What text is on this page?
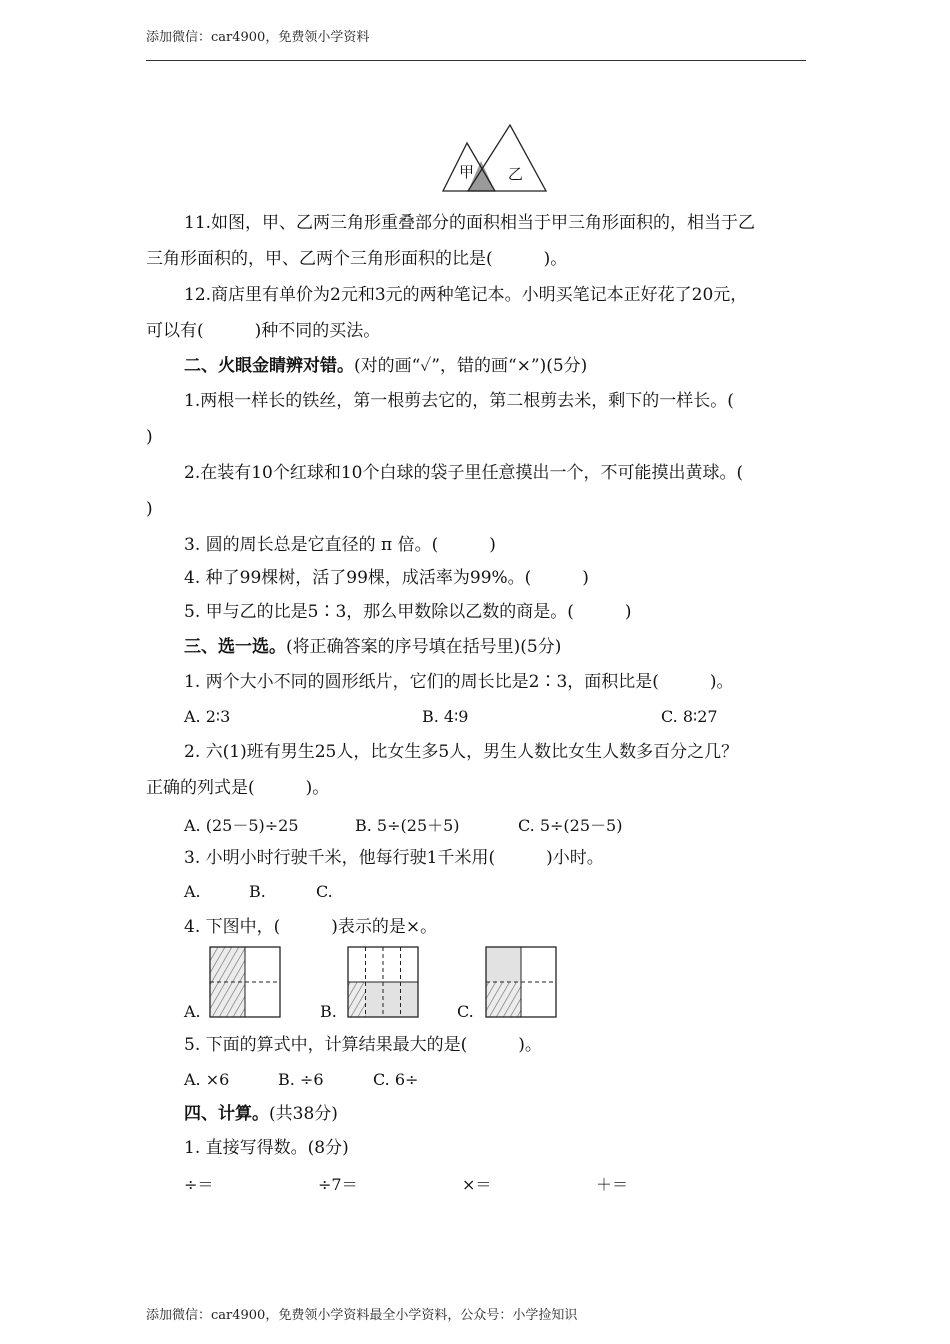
添加微信：car4900，免费领小学资料
甲 乙
11.如图，甲、乙两三角形重叠部分的面积相当于甲三角形面积的，相当于乙
三角形面积的，甲、乙两个三角形面积的比是(　　　)。
12.商店里有单价为2元和3元的两种笔记本。小明买笔记本正好花了20元，
可以有(　　　)种不同的买法。
二、火眼金睛辨对错。(对的画“✓”，错的画“×”)(5分)
1.两根一样长的铁丝，第一根剪去它的，第二根剪去米，剩下的一样长。(
)
2.在装有10个红球和10个白球的袋子里任意摸出一个，不可能摸出黄球。(
)
3. 圆的周长总是它直径的 π 倍。(　　　)
4. 种了99棵树，活了99棵，成活率为99%。(　　　)
5. 甲与乙的比是5∶3，那么甲数除以乙数的商是。(　　　)
三、选一选。(将正确答案的序号填在括号里)(5分)
1. 两个大小不同的圆形纸片，它们的周长比是2∶3，面积比是(　　　)。
A. 2∶3	B. 4∶9	C. 8∶27
2. 六(1)班有男生25人，比女生多5人，男生人数比女生人数多百分之几？
正确的列式是(　　　)。
A. (25－5)÷25	B. 5÷(25＋5)	C. 5÷(25－5)
3. 小明小时行驶千米，他每行驶1千米用(　　　)小时。
A.	B.	C.
4. 下图中，(　　　)表示的是×。
A.	B.	C.
5. 下面的算式中，计算结果最大的是(　　　)。
A. ×6	B. ÷6	C. 6÷
四、计算。(共38分)
1. 直接写得数。(8分)
÷＝	÷7＝	×＝	＋＝
添加微信：car4900，免费领小学资料最全小学资料，公众号：小学捡知识
